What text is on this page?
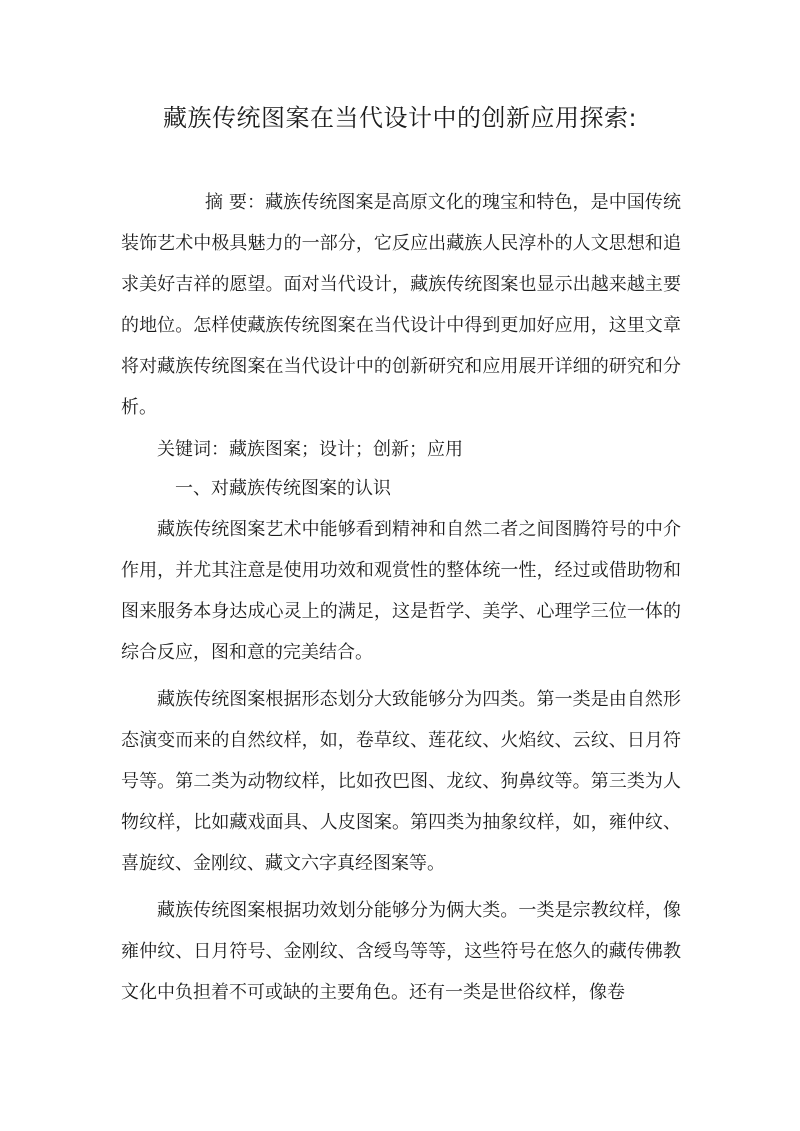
藏族传统图案在当代设计中的创新应用探索:

摘 要：藏族传统图案是高原文化的瑰宝和特色，是中国传统装饰艺术中极具魅力的一部分，它反应出藏族人民淳朴的人文思想和追求美好吉祥的愿望。面对当代设计，藏族传统图案也显示出越来越主要的地位。怎样使藏族传统图案在当代设计中得到更加好应用，这里文章将对藏族传统图案在当代设计中的创新研究和应用展开详细的研究和分析。

关键词：藏族图案；设计；创新；应用

一、对藏族传统图案的认识

藏族传统图案艺术中能够看到精神和自然二者之间图腾符号的中介作用，并尤其注意是使用功效和观赏性的整体统一性，经过或借助物和图来服务本身达成心灵上的满足，这是哲学、美学、心理学三位一体的综合反应，图和意的完美结合。

藏族传统图案根据形态划分大致能够分为四类。第一类是由自然形态演变而来的自然纹样，如，卷草纹、莲花纹、火焰纹、云纹、日月符号等。第二类为动物纹样，比如孜巴图、龙纹、狗鼻纹等。第三类为人物纹样，比如藏戏面具、人皮图案。第四类为抽象纹样，如，雍仲纹、喜旋纹、金刚纹、藏文六字真经图案等。

藏族传统图案根据功效划分能够分为俩大类。一类是宗教纹样，像雍仲纹、日月符号、金刚纹、含绶鸟等等，这些符号在悠久的藏传佛教文化中负担着不可或缺的主要角色。还有一类是世俗纹样，像卷
